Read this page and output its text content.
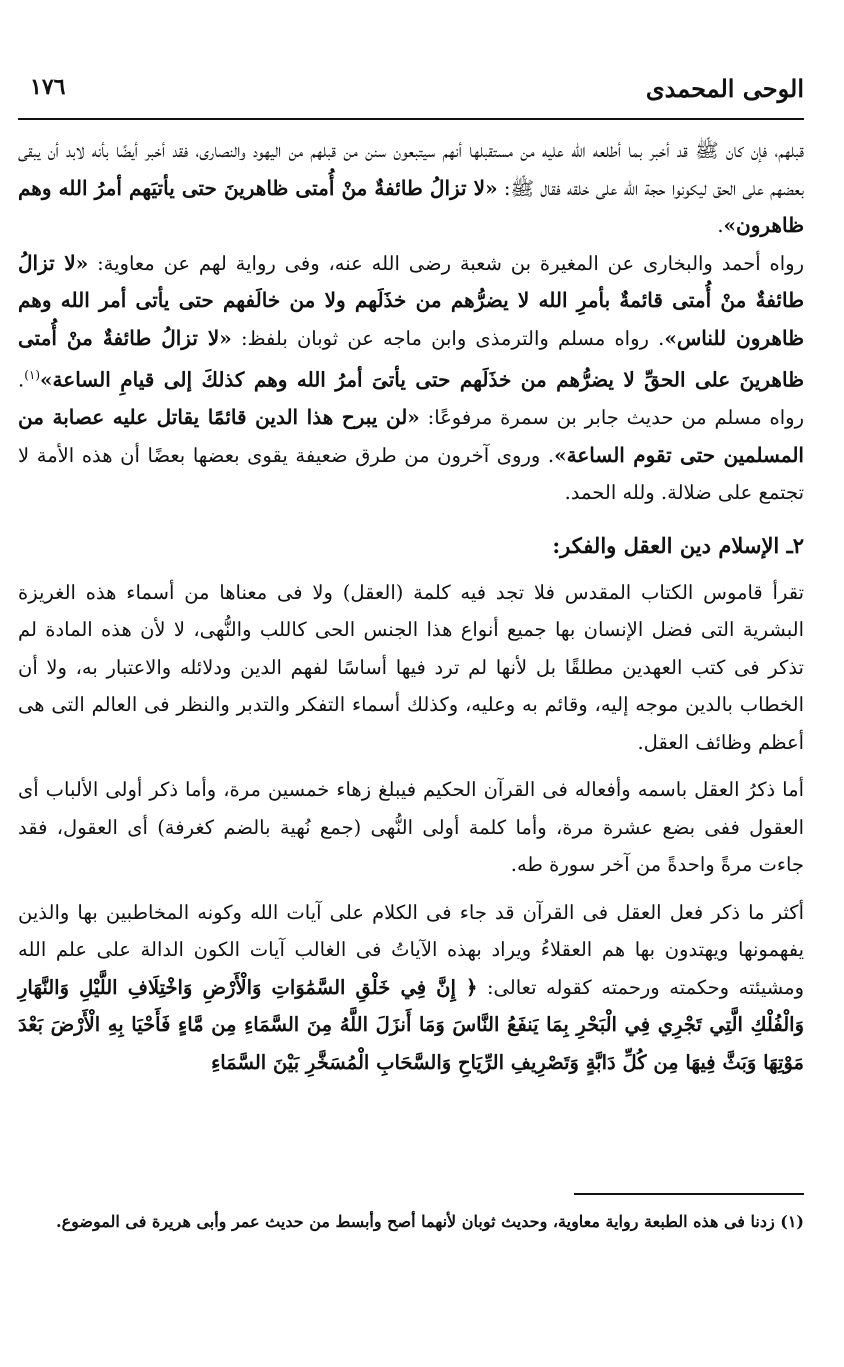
الوحى المحمدى
١٧٦

قبلهم، فإن كان ﷺ قد أخبر بما أطلعه الله عليه من مستقبلها أنهم سيتبعون سنن من قبلهم من اليهود والنصارى، فقد أخبر أيضًا بأنه لابد أن يبقى بعضهم على الحق ليكونوا حجة الله على خلقه فقال ﷺ: «لا تزالُ طائفةٌ منْ أُمتى ظاهرينَ حتى يأتيَهم أمرُ الله وهم ظاهرون».

رواه أحمد والبخارى عن المغيرة بن شعبة رضى الله عنه، وفى رواية لهم عن معاوية: «لا تزالُ طائفةٌ منْ أُمتى قائمةٌ بأمرِ الله لا يضرُّهم من خذَلَهم ولا من خالَفهم حتى يأتى أمر الله وهم ظاهرون للناس». رواه مسلم والترمذى وابن ماجه عن ثوبان بلفظ: «لا تزالُ طائفةٌ منْ أُمتى ظاهرينَ على الحقِّ لا يضرُّهم من خذَلَهم حتى يأتىَ أمرُ الله وهم كذلكَ إلى قيامِ الساعة»$^{(١)}$. رواه مسلم من حديث جابر بن سمرة مرفوعًا: «لن يبرح هذا الدين قائمًا يقاتل عليه عصابة من المسلمين حتى تقوم الساعة». وروى آخرون من طرق ضعيفة يقوى بعضها بعضًا أن هذه الأمة لا تجتمع على ضلالة. ولله الحمد.

٢ـ الإسلام دين العقل والفكر:

تقرأ قاموس الكتاب المقدس فلا تجد فيه كلمة (العقل) ولا فى معناها من أسماء هذه الغريزة البشرية التى فضل الإنسان بها جميع أنواع هذا الجنس الحى كاللب والنُّهى، لا لأن هذه المادة لم تذكر فى كتب العهدين مطلقًا بل لأنها لم ترد فيها أساسًا لفهم الدين ودلائله والاعتبار به، ولا أن الخطاب بالدين موجه إليه، وقائم به وعليه، وكذلك أسماء التفكر والتدبر والنظر فى العالم التى هى أعظم وظائف العقل.

أما ذكرُ العقل باسمه وأفعاله فى القرآن الحكيم فيبلغ زهاء خمسين مرة، وأما ذكر أولى الألباب أى العقول ففى بضع عشرة مرة، وأما كلمة أولى النُّهى (جمع نُهية بالضم كغرفة) أى العقول، فقد جاءت مرةً واحدةً من آخر سورة طه.

أكثر ما ذكر فعل العقل فى القرآن قد جاء فى الكلام على آيات الله وكونه المخاطبين بها والذين يفهمونها ويهتدون بها هم العقلاءُ ويراد بهذه الآياتُ فى الغالب آيات الكون الدالة على علم الله ومشيئته وحكمته ورحمته كقوله تعالى: ﴿ إِنَّ فِي خَلْقِ السَّمَٰوَاتِ وَالْأَرْضِ وَاخْتِلَافِ اللَّيْلِ وَالنَّهَارِ وَالْفُلْكِ الَّتِي تَجْرِي فِي الْبَحْرِ بِمَا يَنفَعُ النَّاسَ وَمَا أَنزَلَ اللَّهُ مِنَ السَّمَاءِ مِن مَّاءٍ فَأَحْيَا بِهِ الْأَرْضَ بَعْدَ مَوْتِهَا وَبَثَّ فِيهَا مِن كُلِّ دَابَّةٍ وَتَصْرِيفِ الرِّيَاحِ وَالسَّحَابِ الْمُسَخَّرِ بَيْنَ السَّمَاءِ

(١) زدنا فى هذه الطبعة رواية معاوية، وحديث ثوبان لأنهما أصح وأبسط من حديث عمر وأبى هريرة فى الموضوع.
